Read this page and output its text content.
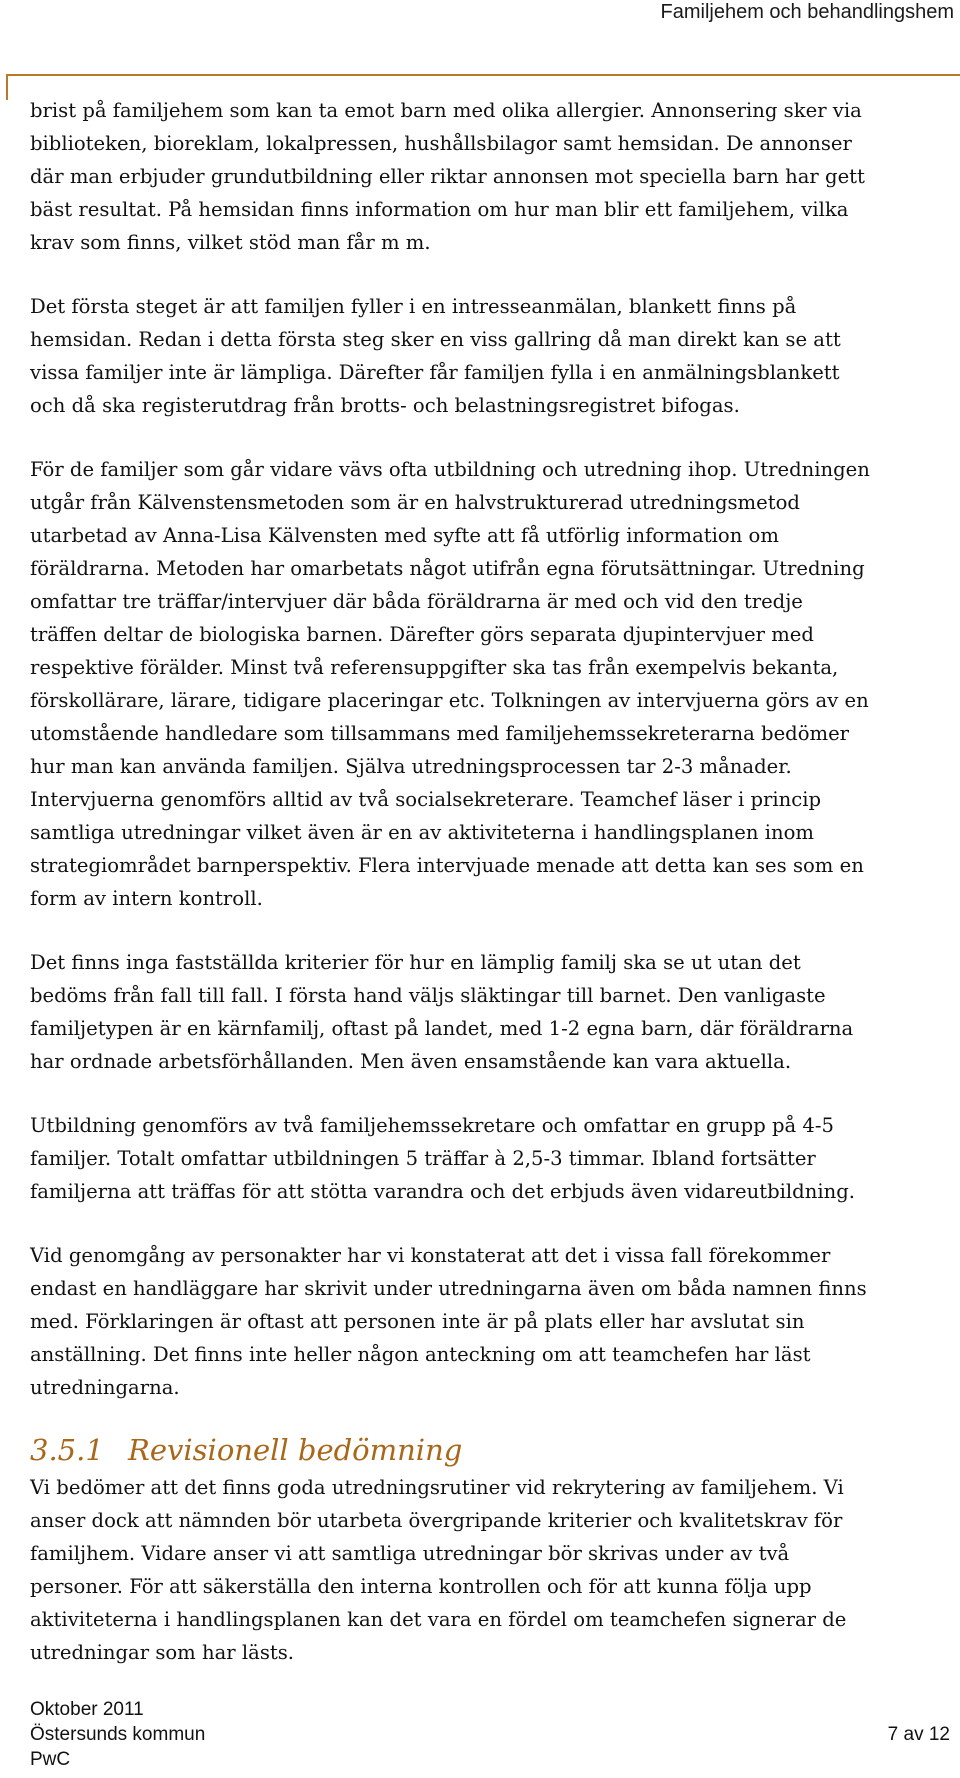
Familjehem och behandlingshem

brist på familjehem som kan ta emot barn med olika allergier. Annonsering sker via
biblioteken, bioreklam, lokalpressen, hushållsbilagor samt hemsidan. De annonser
där man erbjuder grundutbildning eller riktar annonsen mot speciella barn har gett
bäst resultat. På hemsidan finns information om hur man blir ett familjehem, vilka
krav som finns, vilket stöd man får m m.

Det första steget är att familjen fyller i en intresseanmälan, blankett finns på
hemsidan. Redan i detta första steg sker en viss gallring då man direkt kan se att
vissa familjer inte är lämpliga. Därefter får familjen fylla i en anmälningsblankett
och då ska registerutdrag från brotts- och belastningsregistret bifogas.

För de familjer som går vidare vävs ofta utbildning och utredning ihop. Utredningen
utgår från Kälvenstensmetoden som är en halvstrukturerad utredningsmetod
utarbetad av Anna-Lisa Kälvensten med syfte att få utförlig information om
föräldrarna. Metoden har omarbetats något utifrån egna förutsättningar. Utredning
omfattar tre träffar/intervjuer där båda föräldrarna är med och vid den tredje
träffen deltar de biologiska barnen. Därefter görs separata djupintervjuer med
respektive förälder. Minst två referensuppgifter ska tas från exempelvis bekanta,
förskollärare, lärare, tidigare placeringar etc. Tolkningen av intervjuerna görs av en
utomstående handledare som tillsammans med familjehemssekreterarna bedömer
hur man kan använda familjen. Själva utredningsprocessen tar 2-3 månader.
Intervjuerna genomförs alltid av två socialsekreterare. Teamchef läser i princip
samtliga utredningar vilket även är en av aktiviteterna i handlingsplanen inom
strategiområdet barnperspektiv. Flera intervjuade menade att detta kan ses som en
form av intern kontroll.

Det finns inga fastställda kriterier för hur en lämplig familj ska se ut utan det
bedöms från fall till fall. I första hand väljs släktingar till barnet. Den vanligaste
familjetypen är en kärnfamilj, oftast på landet, med 1-2 egna barn, där föräldrarna
har ordnade arbetsförhållanden. Men även ensamstående kan vara aktuella.

Utbildning genomförs av två familjehemssekretare och omfattar en grupp på 4-5
familjer. Totalt omfattar utbildningen 5 träffar à 2,5-3 timmar. Ibland fortsätter
familjerna att träffas för att stötta varandra och det erbjuds även vidareutbildning.

Vid genomgång av personakter har vi konstaterat att det i vissa fall förekommer
endast en handläggare har skrivit under utredningarna även om båda namnen finns
med. Förklaringen är oftast att personen inte är på plats eller har avslutat sin
anställning. Det finns inte heller någon anteckning om att teamchefen har läst
utredningarna.

3.5.1 Revisionell bedömning

Vi bedömer att det finns goda utredningsrutiner vid rekrytering av familjehem. Vi
anser dock att nämnden bör utarbeta övergripande kriterier och kvalitetskrav för
familjhem. Vidare anser vi att samtliga utredningar bör skrivas under av två
personer. För att säkerställa den interna kontrollen och för att kunna följa upp
aktiviteterna i handlingsplanen kan det vara en fördel om teamchefen signerar de
utredningar som har lästs.

Oktober 2011
Östersunds kommun
PwC
7 av 12
